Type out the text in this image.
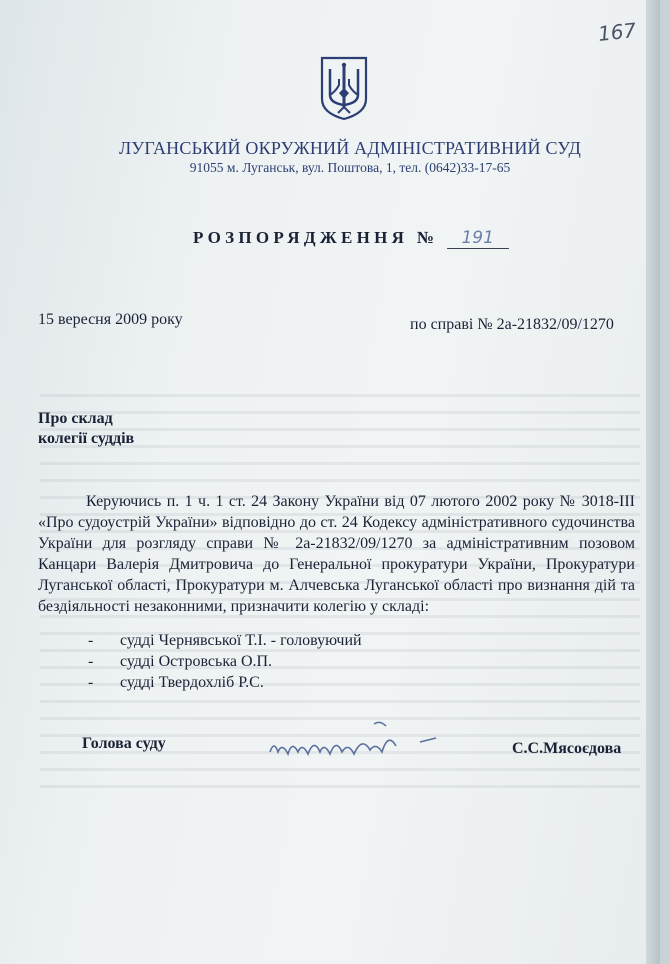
167
ЛУГАНСЬКИЙ ОКРУЖНИЙ АДМІНІСТРАТИВНИЙ СУД
91055 м. Луганськ, вул. Поштова, 1, тел. (0642)33-17-65
РОЗПОРЯДЖЕННЯ № 191
15 вересня 2009 року	по справі № 2а-21832/09/1270
Про склад
колегії суддів

Керуючись п. 1 ч. 1 ст. 24 Закону України від 07 лютого 2002 року № 3018-III «Про судоустрій України» відповідно до ст. 24 Кодексу адміністративного судочинства України для розгляду справи № 2а-21832/09/1270 за адміністративним позовом Канцари Валерія Дмитровича до Генеральної прокуратури України, Прокуратури Луганської області, Прокуратури м. Алчевська Луганської області про визнання дій та бездіяльності незаконними, призначити колегію у складі:

-	судді Чернявської Т.І. - головуючий
-	судді Островська О.П.
-	судді Твердохліб Р.С.
Голова суду	С.С.Мясоєдова
